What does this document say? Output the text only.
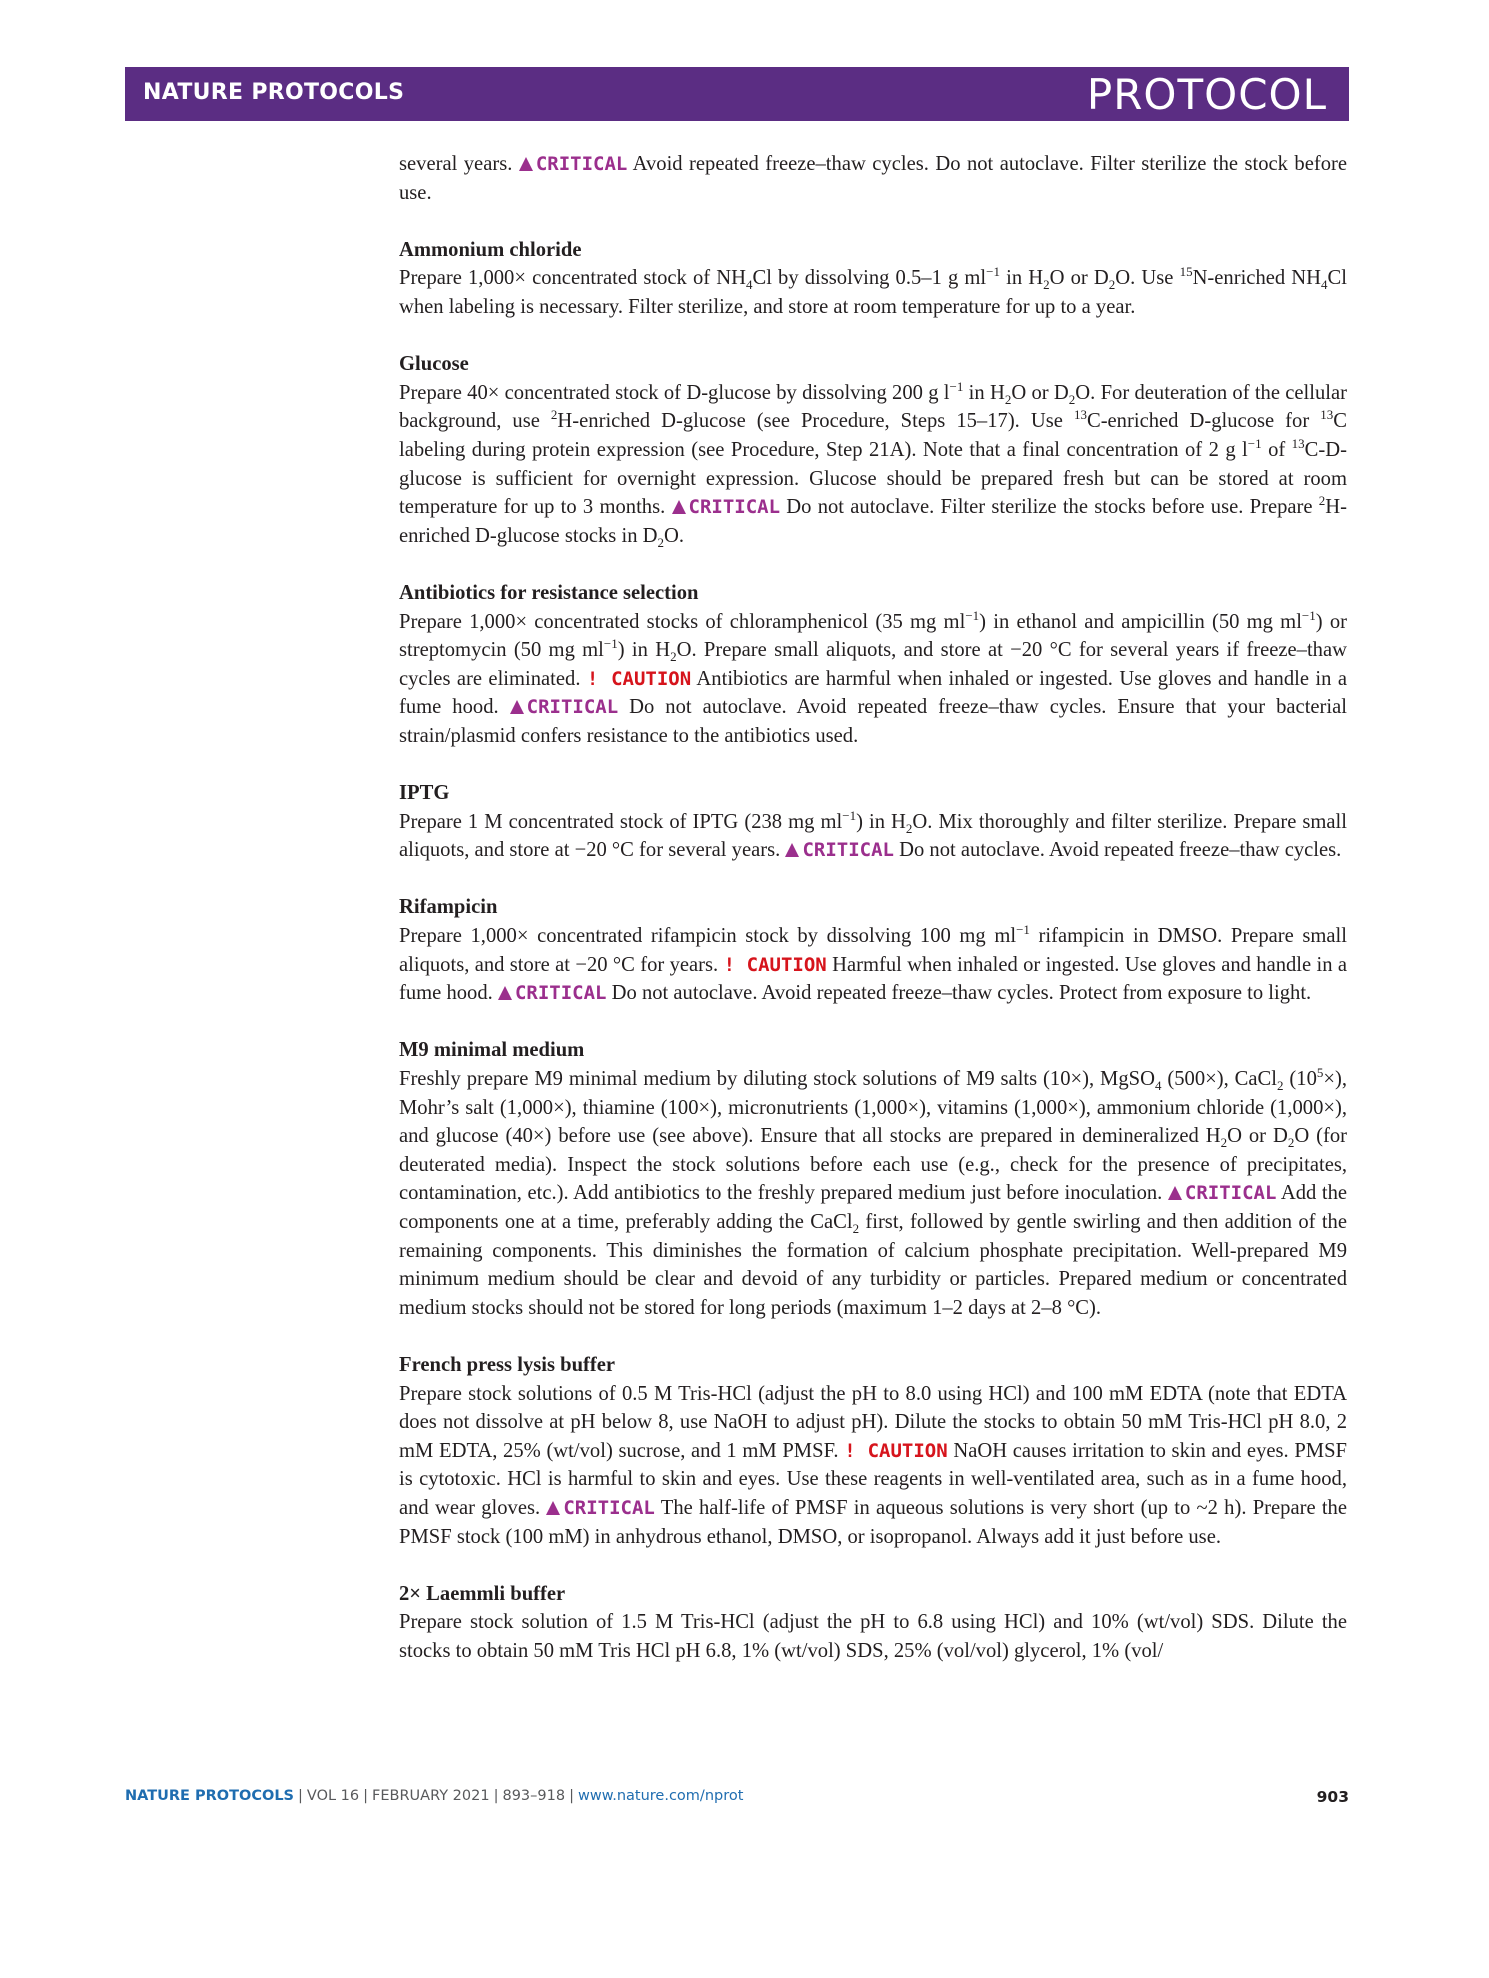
NATURE PROTOCOLS	PROTOCOL

several years. CRITICAL Avoid repeated freeze–thaw cycles. Do not autoclave. Filter sterilize the stock before use.

Ammonium chloride

Prepare 1,000× concentrated stock of $NH_4Cl$ by dissolving 0.5–1 g $ml^{-1}$ in $H_2O$ or $D_2O$. Use $^{15}$N-enriched $NH_4Cl$ when labeling is necessary. Filter sterilize, and store at room temperature for up to a year.

Glucose

Prepare 40× concentrated stock of D-glucose by dissolving 200 g $l^{-1}$ in $H_2O$ or $D_2O$. For deuteration of the cellular background, use $^2$H-enriched D-glucose (see Procedure, Steps 15–17). Use $^{13}$C-enriched D-glucose for $^{13}$C labeling during protein expression (see Procedure, Step 21A). Note that a final concentration of 2 g $l^{-1}$ of $^{13}$C-D-glucose is sufficient for overnight expression. Glucose should be prepared fresh but can be stored at room temperature for up to 3 months. CRITICAL Do not autoclave. Filter sterilize the stocks before use. Prepare $^2$H-enriched D-glucose stocks in $D_2O$.

Antibiotics for resistance selection

Prepare 1,000× concentrated stocks of chloramphenicol (35 mg $ml^{-1}$) in ethanol and ampicillin (50 mg $ml^{-1}$) or streptomycin (50 mg $ml^{-1}$) in $H_2O$. Prepare small aliquots, and store at −20 °C for several years if freeze–thaw cycles are eliminated. ! CAUTION Antibiotics are harmful when inhaled or ingested. Use gloves and handle in a fume hood. CRITICAL Do not autoclave. Avoid repeated freeze–thaw cycles. Ensure that your bacterial strain/plasmid confers resistance to the antibiotics used.

IPTG

Prepare 1 M concentrated stock of IPTG (238 mg $ml^{-1}$) in $H_2O$. Mix thoroughly and filter sterilize. Prepare small aliquots, and store at −20 °C for several years. CRITICAL Do not autoclave. Avoid repeated freeze–thaw cycles.

Rifampicin

Prepare 1,000× concentrated rifampicin stock by dissolving 100 mg $ml^{-1}$ rifampicin in DMSO. Prepare small aliquots, and store at −20 °C for years. ! CAUTION Harmful when inhaled or ingested. Use gloves and handle in a fume hood. CRITICAL Do not autoclave. Avoid repeated freeze–thaw cycles. Protect from exposure to light.

M9 minimal medium

Freshly prepare M9 minimal medium by diluting stock solutions of M9 salts (10×), MgSO$_4$ (500×), CaCl$_2$ $(10^5\times)$, Mohr’s salt (1,000×), thiamine (100×), micronutrients (1,000×), vitamins (1,000×), ammonium chloride (1,000×), and glucose (40×) before use (see above). Ensure that all stocks are prepared in demineralized $H_2O$ or $D_2O$ (for deuterated media). Inspect the stock solutions before each use (e.g., check for the presence of precipitates, contamination, etc.). Add antibiotics to the freshly prepared medium just before inoculation. CRITICAL Add the components one at a time, preferably adding the CaCl$_2$ first, followed by gentle swirling and then addition of the remaining components. This diminishes the formation of calcium phosphate precipitation. Well-prepared M9 minimum medium should be clear and devoid of any turbidity or particles. Prepared medium or concentrated medium stocks should not be stored for long periods (maximum 1–2 days at 2–8 °C).

French press lysis buffer

Prepare stock solutions of 0.5 M Tris-HCl (adjust the pH to 8.0 using HCl) and 100 mM EDTA (note that EDTA does not dissolve at pH below 8, use NaOH to adjust pH). Dilute the stocks to obtain 50 mM Tris-HCl pH 8.0, 2 mM EDTA, 25% (wt/vol) sucrose, and 1 mM PMSF. ! CAUTION NaOH causes irritation to skin and eyes. PMSF is cytotoxic. HCl is harmful to skin and eyes. Use these reagents in well-ventilated area, such as in a fume hood, and wear gloves. CRITICAL The half-life of PMSF in aqueous solutions is very short (up to ~2 h). Prepare the PMSF stock (100 mM) in anhydrous ethanol, DMSO, or isopropanol. Always add it just before use.

2× Laemmli buffer

Prepare stock solution of 1.5 M Tris-HCl (adjust the pH to 6.8 using HCl) and 10% (wt/vol) SDS. Dilute the stocks to obtain 50 mM Tris HCl pH 6.8, 1% (wt/vol) SDS, 25% (vol/vol) glycerol, 1% (vol/

NATURE PROTOCOLS | VOL 16 | FEBRUARY 2021 | 893–918 | www.nature.com/nprot	903
